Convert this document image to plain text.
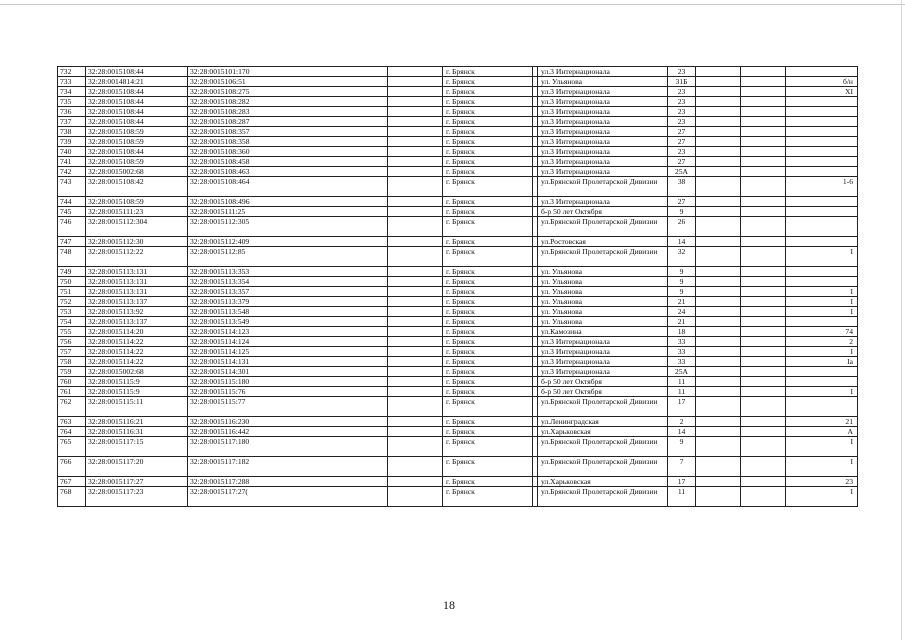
732	32:28:0015108:44	32:28:0015101:170		г. Брянск		ул.3 Интернационала	23			
733	32:28:0014814:21	32:28:0015106:51		г. Брянск		ул. Ульянова	31Б			б/н
734	32:28:0015108:44	32:28:0015108:275		г. Брянск		ул.3 Интернационала	23			XI
735	32:28:0015108:44	32:28:0015108:282		г. Брянск		ул.3 Интернационала	23			
736	32:28:0015108:44	32:28:0015108:283		г. Брянск		ул.3 Интернационала	23			
737	32:28:0015108:44	32:28:0015108:287		г. Брянск		ул.3 Интернационала	23			
738	32:28:0015108:59	32:28:0015108:357		г. Брянск		ул.3 Интернационала	27			
739	32:28:0015108:59	32:28:0015108:358		г. Брянск		ул.3 Интернационала	27			
740	32:28:0015108:44	32:28:0015108:360		г. Брянск		ул.3 Интернационала	23			
741	32:28:0015108:59	32:28:0015108:458		г. Брянск		ул.3 Интернационала	27			
742	32:28:0015002:68	32:28:0015108:463		г. Брянск		ул.3 Интернационала	25А			
743	32:28:0015108:42	32:28:0015108:464		г. Брянск		ул.Брянской Пролетарской Дивизии	38			1-6
744	32:28:0015108:59	32:28:0015108:496		г. Брянск		ул.3 Интернационала	27			
745	32:28:0015111:23	32:28:0015111:25		г. Брянск		б-р 50 лет Октября	9			
746	32:28:0015112:304	32:28:0015112:305		г. Брянск		ул.Брянской Пролетарской Дивизии	26			
747	32:28:0015112:30	32:28:0015112:409		г. Брянск		ул.Ростовская	14			
748	32:28:0015112:22	32:28:0015112:85		г. Брянск		ул.Брянской Пролетарской Дивизии	32			I
749	32:28:0015113:131	32:28:0015113:353		г. Брянск		ул. Ульянова	9			
750	32:28:0015113:131	32:28:0015113:354		г. Брянск		ул. Ульянова	9			
751	32:28:0015113:131	32:28:0015113:357		г. Брянск		ул. Ульянова	9			I
752	32:28:0015113:137	32:28:0015113:379		г. Брянск		ул. Ульянова	21			I
753	32:28:0015113:92	32:28:0015113:548		г. Брянск		ул. Ульянова	24			I
754	32:28:0015113:137	32:28:0015113:549		г. Брянск		ул. Ульянова	21			
755	32:28:0015114:20	32:28:0015114:123		г. Брянск		ул.Камозина	18			74
756	32:28:0015114:22	32:28:0015114:124		г. Брянск		ул.3 Интернационала	33			2
757	32:28:0015114:22	32:28:0015114:125		г. Брянск		ул.3 Интернационала	33			I
758	32:28:0015114:22	32:28:0015114:131		г. Брянск		ул.3 Интернационала	33			Iа
759	32:28:0015002:68	32:28:0015114:301		г. Брянск		ул.3 Интернационала	25А			
760	32:28:0015115:9	32:28:0015115:180		г. Брянск		б-р 50 лет Октября	11			
761	32:28:0015115:9	32:28:0015115:76		г. Брянск		б-р 50 лет Октября	11			I
762	32:28:0015115:11	32:28:0015115:77		г. Брянск		ул.Брянской Пролетарской Дивизии	17			
763	32:28:0015116:21	32:28:0015116:230		г. Брянск		ул.Ленинградская	2			21
764	32:28:0015116:31	32:28:0015116:442		г. Брянск		ул.Харьковская	14			А
765	32:28:0015117:15	32:28:0015117:180		г. Брянск		ул.Брянской Пролетарской Дивизии	9			I
766	32:28:0015117:20	32:28:0015117:182		г. Брянск		ул.Брянской Пролетарской Дивизии	7			I
767	32:28:0015117:27	32:28:0015117:288		г. Брянск		ул.Харьковская	17			23
768	32:28:0015117:23	32:28:0015117:27(		г. Брянск		ул.Брянской Пролетарской Дивизии	11			I
18
